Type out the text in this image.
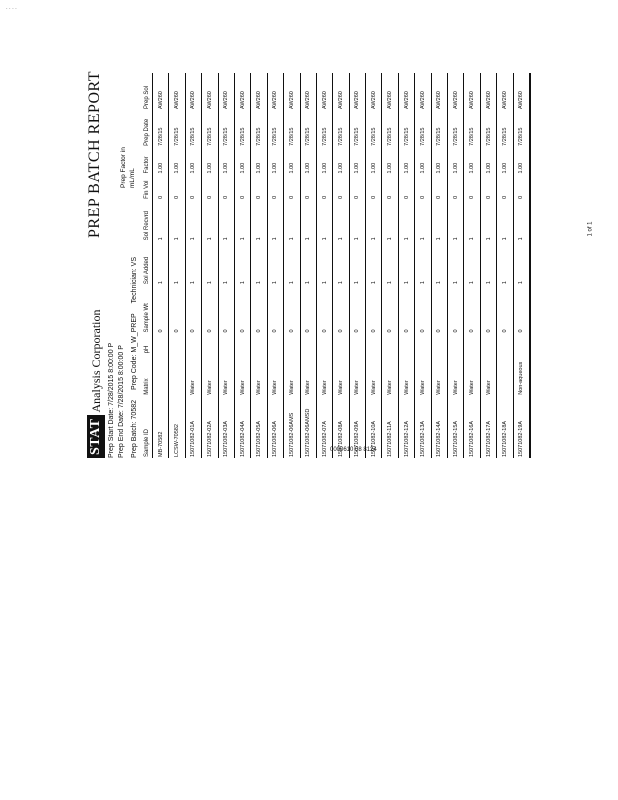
· · · ·
STAT
Analysis Corporation
PREP BATCH REPORT
Prep Start Date: 7/28/2015 8:00:00 P
Prep End Date: 7/28/2015 8:00:00 P
Prep Batch: 70582
Prep Code: M_W_PREP
Technician: VS
Prep Factor in mL/mL
Sample ID	Matrix	pH	Sample Wt	Sol Added	Sol Recvrd	Fin Vol	Factor	Prep Date	Prep Sol
MB-70582			0	1	1	0	1.00	7/28/15	AW260
LCSW-70582			0	1	1	0	1.00	7/28/15	AW260
15071082-01A	Water		0	1	1	0	1.00	7/28/15	AW260
15071082-02A	Water		0	1	1	0	1.00	7/28/15	AW260
15071082-03A	Water		0	1	1	0	1.00	7/28/15	AW260
15071082-04A	Water		0	1	1	0	1.00	7/28/15	AW260
15071082-05A	Water		0	1	1	0	1.00	7/28/15	AW260
15071082-06A	Water		0	1	1	0	1.00	7/28/15	AW260
15071082-06AMS	Water		0	1	1	0	1.00	7/28/15	AW260
15071082-06AMSD	Water		0	1	1	0	1.00	7/28/15	AW260
15071082-07A	Water		0	1	1	0	1.00	7/28/15	AW260
15071082-08A	Water		0	1	1	0	1.00	7/28/15	AW260
15071082-09A	Water		0	1	1	0	1.00	7/28/15	AW260
15071082-10A	Water		0	1	1	0	1.00	7/28/15	AW260
15071082-11A	Water		0	1	1	0	1.00	7/28/15	AW260
15071082-12A	Water		0	1	1	0	1.00	7/28/15	AW260
15071082-13A	Water		0	1	1	0	1.00	7/28/15	AW260
15071082-14A	Water		0	1	1	0	1.00	7/28/15	AW260
15071082-15A	Water		0	1	1	0	1.00	7/28/15	AW260
15071082-16A	Water		0	1	1	0	1.00	7/28/15	AW260
15071082-17A	Water		0	1	1	0	1.00	7/28/15	AW260
15071082-18A			0	1	1	0	1.00	7/28/15	AW260
15071082-19A	Non-aqueous		0	1	1	0	1.00	7/28/15	AW260
1 of 1
0000610 08 8124
